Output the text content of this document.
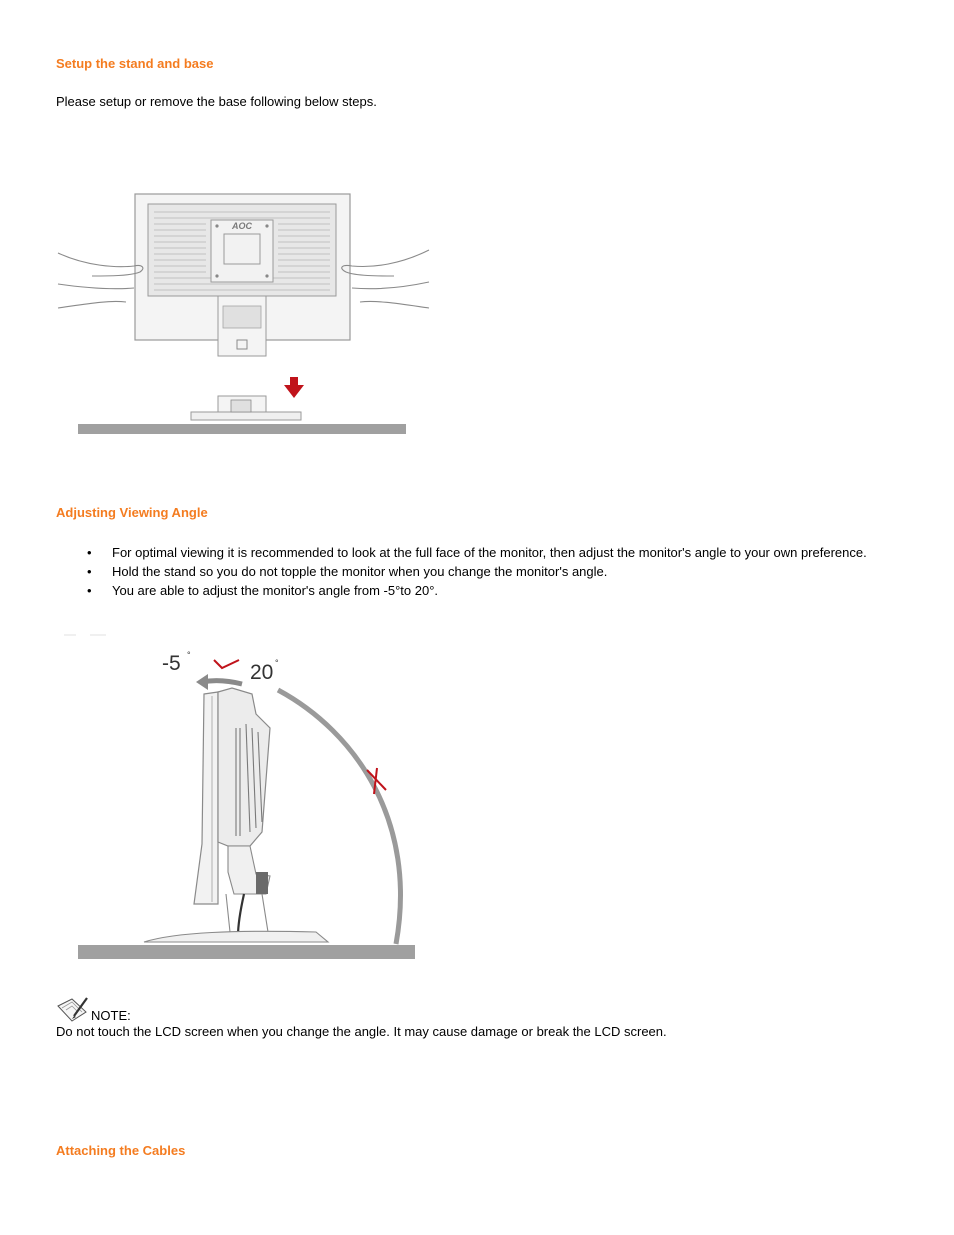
Setup the stand and base
Please setup or remove the base following below steps.
AOC
Adjusting Viewing Angle
• For optimal viewing it is recommended to look at the full face of the monitor, then adjust the monitor's angle to your own preference.
• Hold the stand so you do not topple the monitor when you change the monitor's angle.
• You are able to adjust the monitor's angle from -5°to 20°.
-5 °
20 °
NOTE:
Do not touch the LCD screen when you change the angle. It may cause damage or break the LCD screen.
Attaching the Cables
